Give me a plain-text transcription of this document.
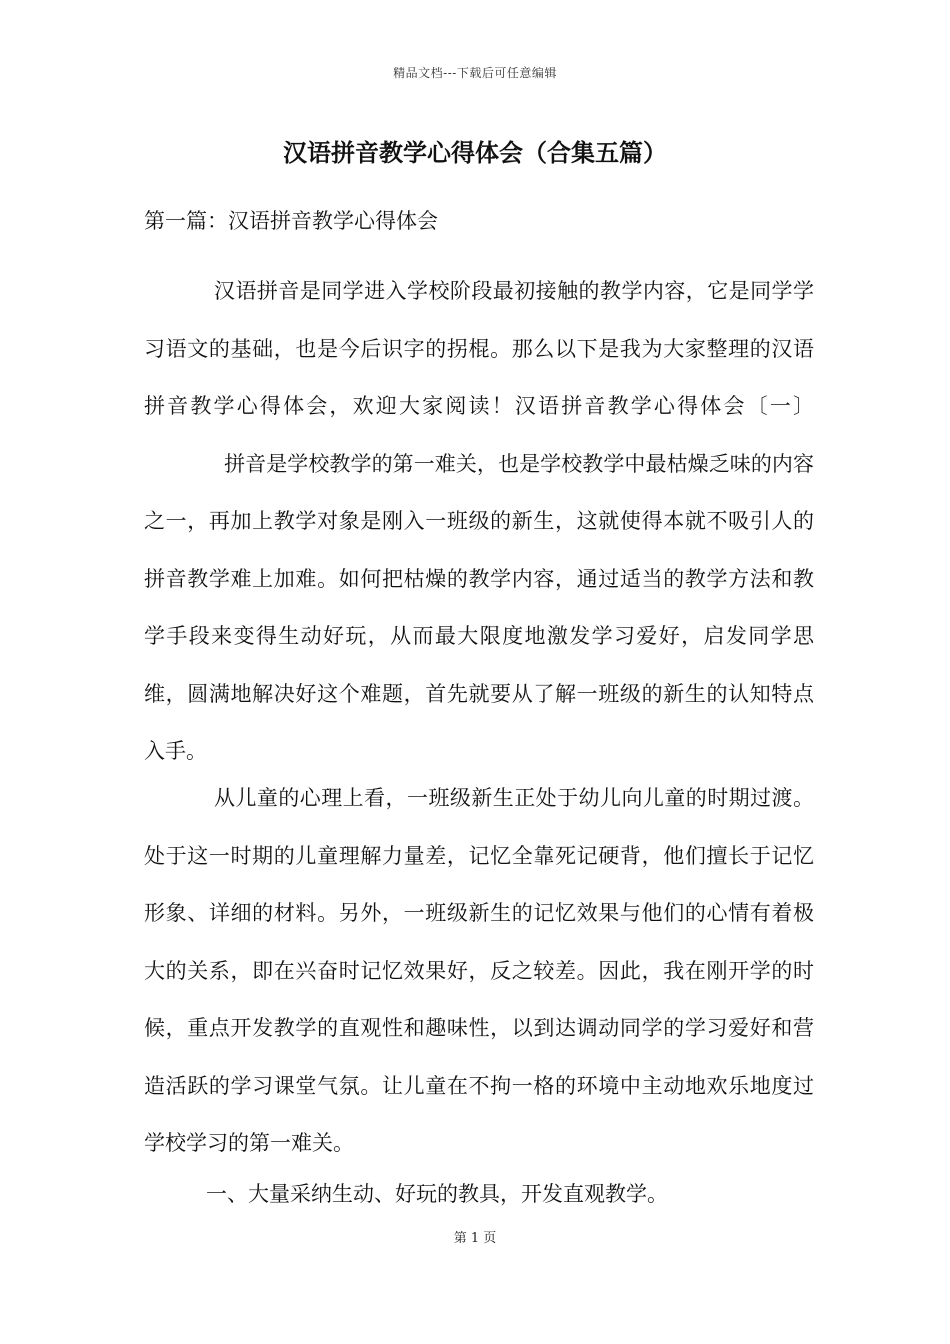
精品文档---下载后可任意编辑
汉语拼音教学心得体会（合集五篇）
第一篇：汉语拼音教学心得体会

汉语拼音是同学进入学校阶段最初接触的教学内容，它是同学学习语文的基础，也是今后识字的拐棍。那么以下是我为大家整理的汉语拼音教学心得体会，欢迎大家阅读！汉语拼音教学心得体会〔一〕拼音是学校教学的第一难关，也是学校教学中最枯燥乏味的内容之一，再加上教学对象是刚入一班级的新生，这就使得本就不吸引人的拼音教学难上加难。如何把枯燥的教学内容，通过适当的教学方法和教学手段来变得生动好玩，从而最大限度地激发学习爱好，启发同学思维，圆满地解决好这个难题，首先就要从了解一班级的新生的认知特点入手。

从儿童的心理上看，一班级新生正处于幼儿向儿童的时期过渡。处于这一时期的儿童理解力量差，记忆全靠死记硬背，他们擅长于记忆形象、详细的材料。另外，一班级新生的记忆效果与他们的心情有着极大的关系，即在兴奋时记忆效果好，反之较差。因此，我在刚开学的时候，重点开发教学的直观性和趣味性，以到达调动同学的学习爱好和营造活跃的学习课堂气氛。让儿童在不拘一格的环境中主动地欢乐地度过学校学习的第一难关。

一、大量采纳生动、好玩的教具，开发直观教学。

第 1 页
